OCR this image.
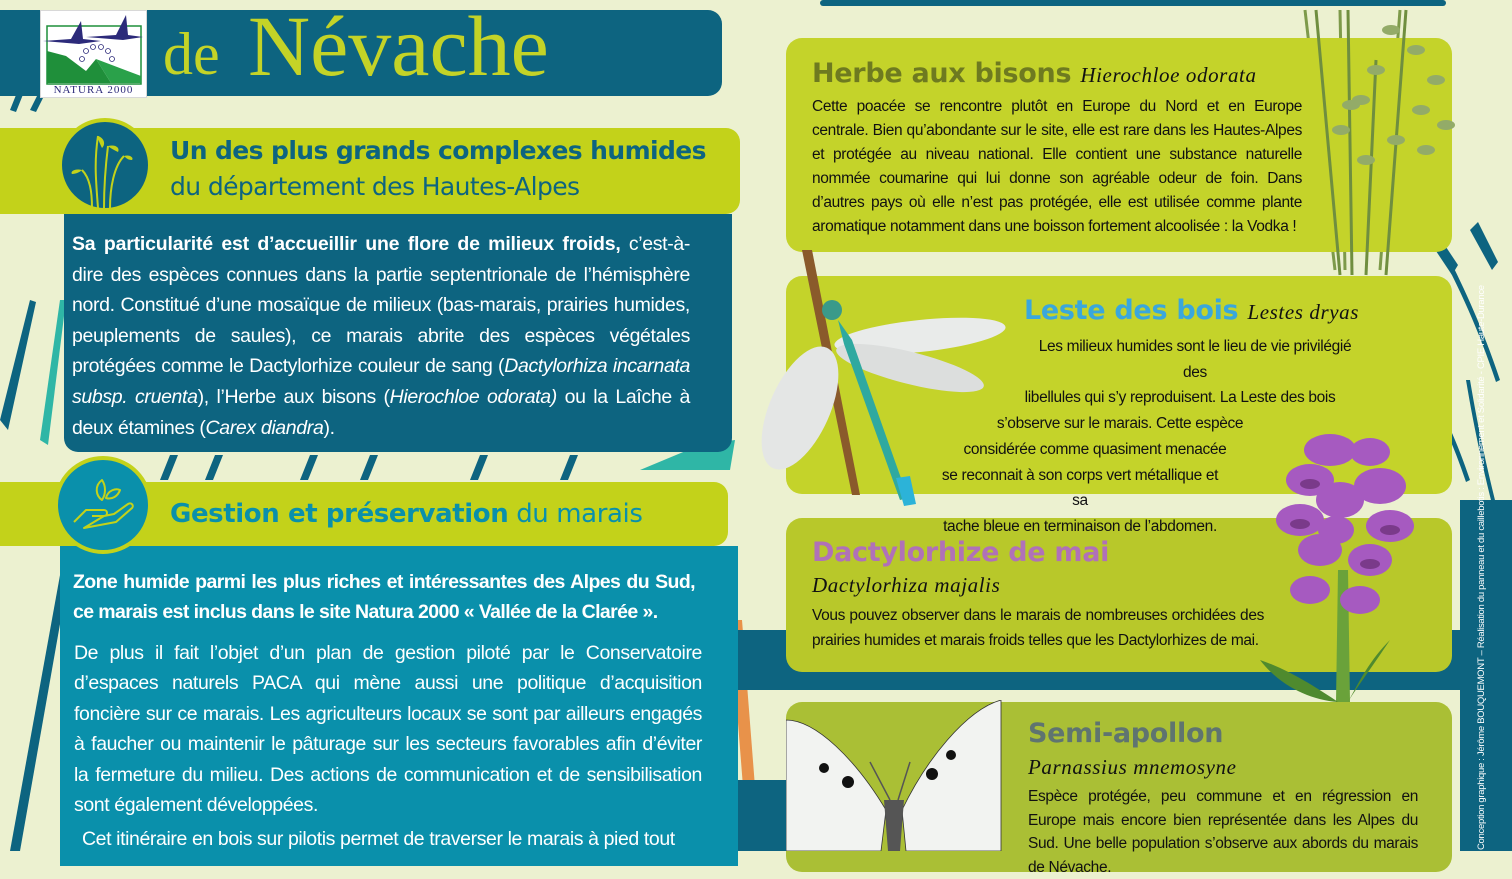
NATURA 2000
de Névache
Un des plus grands complexes humides
du département des Hautes-Alpes
Sa particularité est d’accueillir une flore de milieux froids, c’est-à-dire des espèces connues dans la partie septentrionale de l’hémisphère nord. Constitué d’une mosaïque de milieux (bas-marais, prairies humides, peuplements de saules), ce marais abrite des espèces végétales protégées comme le Dactylorhize couleur de sang (Dactylorhiza incarnata subsp. cruenta), l’Herbe aux bisons (Hierochloe odorata) ou la Laîche à deux étamines (Carex diandra).
Gestion et préservation du marais
Zone humide parmi les plus riches et intéressantes des Alpes du Sud, ce marais est inclus dans le site Natura 2000 « Vallée de la Clarée ».
De plus il fait l’objet d’un plan de gestion piloté par le Conservatoire d’espaces naturels PACA qui mène aussi une politique d’acquisition foncière sur ce marais. Les agriculteurs locaux se sont par ailleurs engagés à faucher ou maintenir le pâturage sur les secteurs favorables afin d’éviter la fermeture du milieu. Des actions de communication et de sensibilisation sont également développées.
Cet itinéraire en bois sur pilotis permet de traverser le marais à pied tout
Herbe aux bisons Hierochloe odorata
Cette poacée se rencontre plutôt en Europe du Nord et en Europe centrale. Bien qu’abondante sur le site, elle est rare dans les Hautes-Alpes et protégée au niveau national. Elle contient une substance naturelle nommée coumarine qui lui donne son agréable odeur de foin. Dans d’autres pays où elle n’est pas protégée, elle est utilisée comme plante aromatique notamment dans une boisson fortement alcoolisée : la Vodka !
Leste des bois Lestes dryas
Les milieux humides sont le lieu de vie privilégié des
libellules qui s’y reproduisent. La Leste des bois
s’observe sur le marais. Cette espèce
considérée comme quasiment menacée
se reconnait à son corps vert métallique et sa
tache bleue en terminaison de l’abdomen.
Dactylorhize de mai
Dactylorhiza majalis
Vous pouvez observer dans le marais de nombreuses orchidées des prairies humides et marais froids telles que les Dactylorhizes de mai.
Semi-apollon
Parnassius mnemosyne
Espèce protégée, peu commune et en régression en Europe mais encore bien représentée dans les Alpes du Sud. Une belle population s’observe aux abords du marais de Névache.
Conception graphique : Jérôme BOUQUEMONT – Réalisation du panneau et du caillebotis : Environnement et Solidarité - CPIE Haute-Durance
